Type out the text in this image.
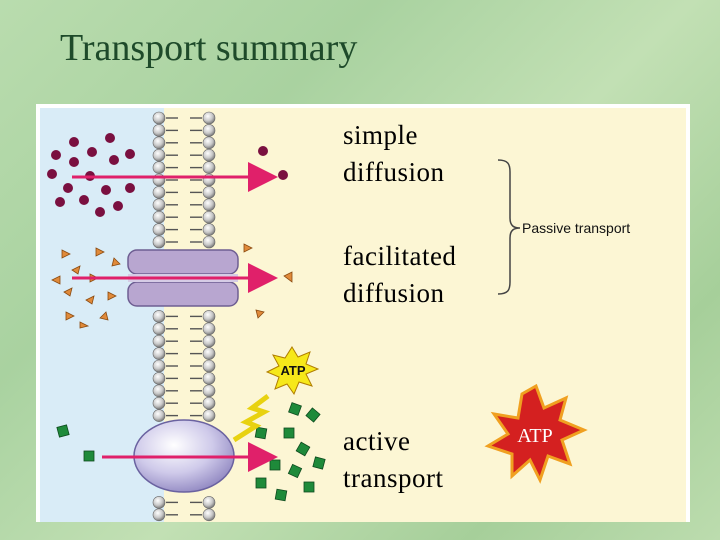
Transport summary
simple
diffusion
facilitated
diffusion
active
transport
Passive transport
ATP
ATP
